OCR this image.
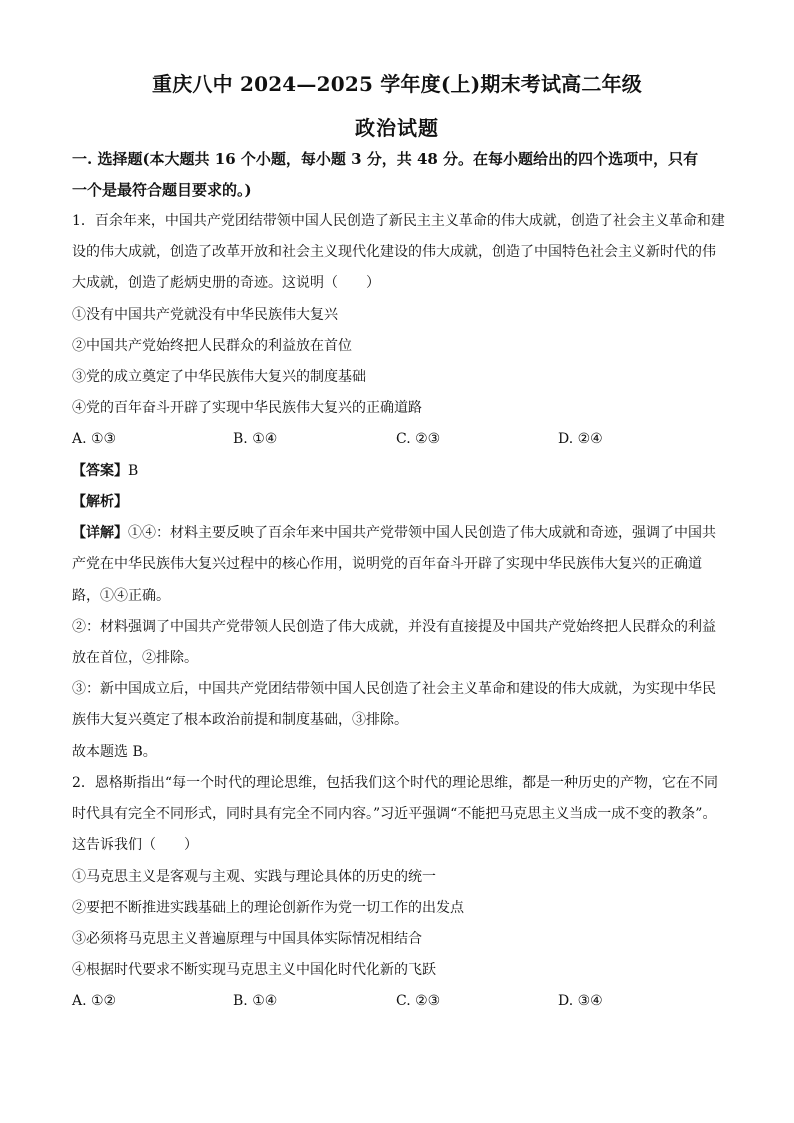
重庆八中 2024—2025 学年度(上)期末考试高二年级
政治试题
一. 选择题(本大题共 16 个小题，每小题 3 分，共 48 分。在每小题给出的四个选项中，只有
一个是最符合题目要求的。)
1．百余年来，中国共产党团结带领中国人民创造了新民主主义革命的伟大成就，创造了社会主义革命和建
设的伟大成就，创造了改革开放和社会主义现代化建设的伟大成就，创造了中国特色社会主义新时代的伟
大成就，创造了彪炳史册的奇迹。这说明（　　）
①没有中国共产党就没有中华民族伟大复兴
②中国共产党始终把人民群众的利益放在首位
③党的成立奠定了中华民族伟大复兴的制度基础
④党的百年奋斗开辟了实现中华民族伟大复兴的正确道路
A. ①③	B. ①④	C. ②③	D. ②④
【答案】B
【解析】
【详解】①④：材料主要反映了百余年来中国共产党带领中国人民创造了伟大成就和奇迹，强调了中国共
产党在中华民族伟大复兴过程中的核心作用，说明党的百年奋斗开辟了实现中华民族伟大复兴的正确道
路，①④正确。
②：材料强调了中国共产党带领人民创造了伟大成就，并没有直接提及中国共产党始终把人民群众的利益
放在首位，②排除。
③：新中国成立后，中国共产党团结带领中国人民创造了社会主义革命和建设的伟大成就，为实现中华民
族伟大复兴奠定了根本政治前提和制度基础，③排除。
故本题选 B。
2．恩格斯指出“每一个时代的理论思维，包括我们这个时代的理论思维，都是一种历史的产物，它在不同
时代具有完全不同形式，同时具有完全不同内容。”习近平强调“不能把马克思主义当成一成不变的教条”。
这告诉我们（　　）
①马克思主义是客观与主观、实践与理论具体的历史的统一
②要把不断推进实践基础上的理论创新作为党一切工作的出发点
③必须将马克思主义普遍原理与中国具体实际情况相结合
④根据时代要求不断实现马克思主义中国化时代化新的飞跃
A. ①②	B. ①④	C. ②③	D. ③④
